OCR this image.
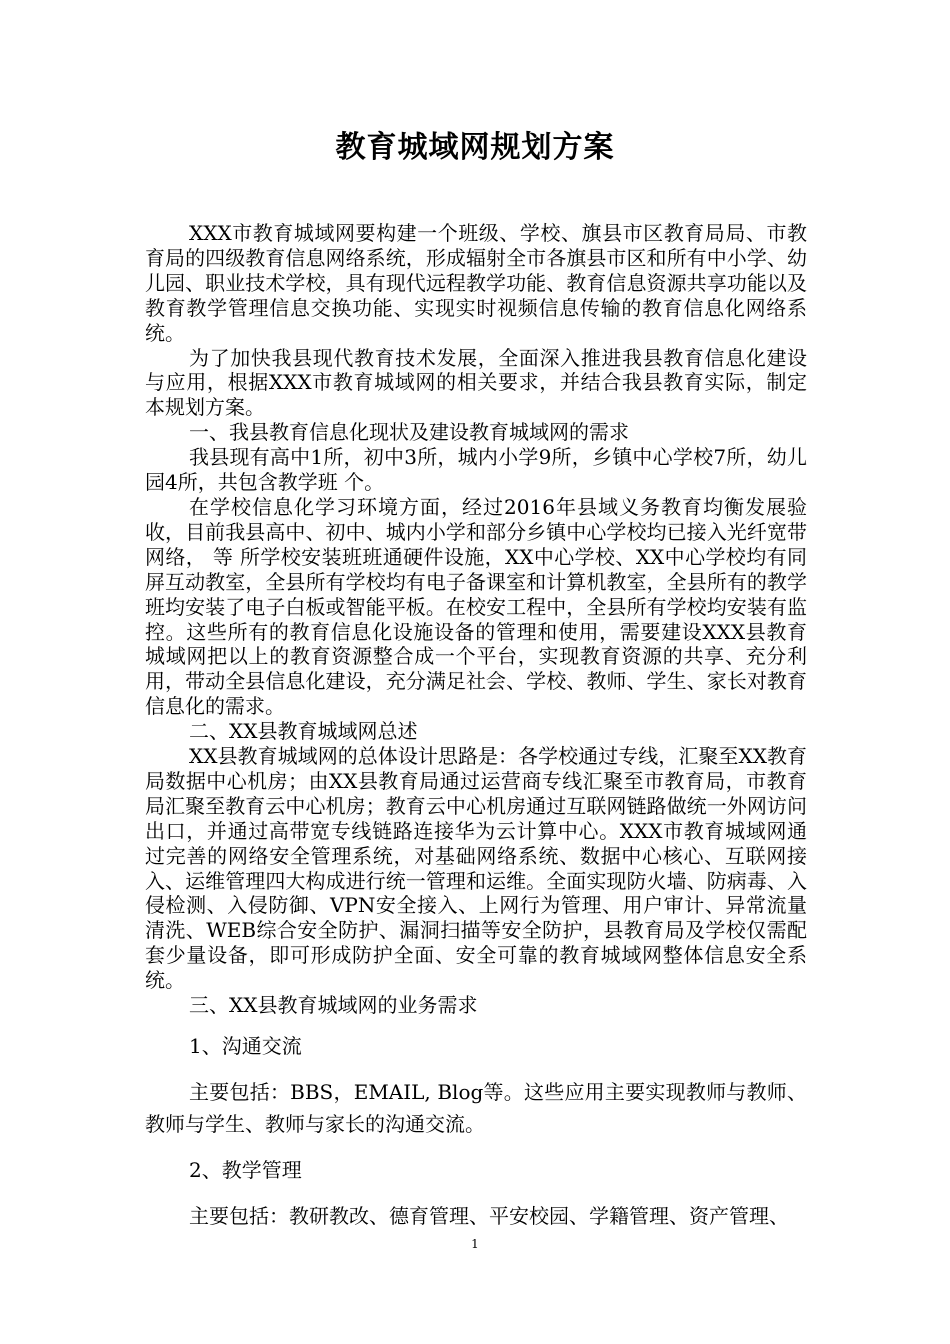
教育城域网规划方案

XXX市教育城域网要构建一个班级、学校、旗县市区教育局局、市教育局的四级教育信息网络系统，形成辐射全市各旗县市区和所有中小学、幼儿园、职业技术学校，具有现代远程教学功能、教育信息资源共享功能以及教育教学管理信息交换功能、实现实时视频信息传输的教育信息化网络系统。

为了加快我县现代教育技术发展，全面深入推进我县教育信息化建设与应用，根据XXX市教育城域网的相关要求，并结合我县教育实际，制定本规划方案。

一、我县教育信息化现状及建设教育城域网的需求

我县现有高中1所，初中3所，城内小学9所，乡镇中心学校7所，幼儿园4所，共包含教学班 个。

在学校信息化学习环境方面，经过2016年县域义务教育均衡发展验收，目前我县高中、初中、城内小学和部分乡镇中心学校均已接入光纤宽带网络， 等 所学校安装班班通硬件设施，XX中心学校、XX中心学校均有同屏互动教室，全县所有学校均有电子备课室和计算机教室，全县所有的教学班均安装了电子白板或智能平板。在校安工程中，全县所有学校均安装有监控。这些所有的教育信息化设施设备的管理和使用，需要建设XXX县教育城域网把以上的教育资源整合成一个平台，实现教育资源的共享、充分利用，带动全县信息化建设，充分满足社会、学校、教师、学生、家长对教育信息化的需求。

二、XX县教育城域网总述

XX县教育城域网的总体设计思路是：各学校通过专线，汇聚至XX教育局数据中心机房；由XX县教育局通过运营商专线汇聚至市教育局，市教育局汇聚至教育云中心机房；教育云中心机房通过互联网链路做统一外网访问出口，并通过高带宽专线链路连接华为云计算中心。XXX市教育城域网通过完善的网络安全管理系统，对基础网络系统、数据中心核心、互联网接入、运维管理四大构成进行统一管理和运维。全面实现防火墙、防病毒、入侵检测、入侵防御、VPN安全接入、上网行为管理、用户审计、异常流量清洗、WEB综合安全防护、漏洞扫描等安全防护，县教育局及学校仅需配套少量设备，即可形成防护全面、安全可靠的教育城域网整体信息安全系统。

三、XX县教育城域网的业务需求

1、沟通交流

主要包括：BBS，EMAIL, Blog等。这些应用主要实现教师与教师、教师与学生、教师与家长的沟通交流。

2、教学管理

主要包括：教研教改、德育管理、平安校园、学籍管理、资产管理、

1
